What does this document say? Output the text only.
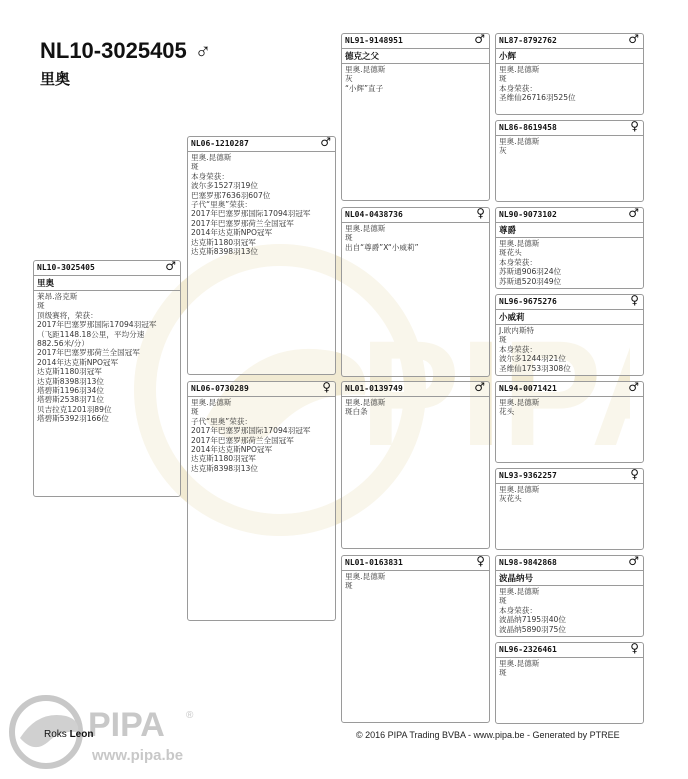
NL10-3025405 ♂
里奥
NL10-3025405	♂
里奥
莱昂.洛克斯
斑
顶级赛将，荣获：
2017年巴塞罗那国际17094羽冠军
（飞距1148.18公里，平均分速
882.56米/分）
2017年巴塞罗那荷兰全国冠军
2014年达克斯NPO冠军
达克斯1180羽冠军
达克斯8398羽13位
塔碧斯1196羽34位
塔碧斯2538羽71位
贝吉拉克1201羽89位
塔碧斯5392羽166位
NL06-1210287	♂
里奥.昆德斯
斑
本身荣获：
波尔多1527羽19位
巴塞罗那7636羽607位
子代“里奥”荣获：
2017年巴塞罗那国际17094羽冠军
2017年巴塞罗那荷兰全国冠军
2014年达克斯NPO冠军
达克斯1180羽冠军
达克斯8398羽13位
NL06-0730289	♀
里奥.昆德斯
斑
子代“里奥”荣获：
2017年巴塞罗那国际17094羽冠军
2017年巴塞罗那荷兰全国冠军
2014年达克斯NPO冠军
达克斯1180羽冠军
达克斯8398羽13位
NL91-9148951	♂
德克之父
里奥.昆德斯
灰
“小辉”直子
NL04-0438736	♀
里奥.昆德斯
斑
出自“尊爵”X“小威莉”
NL01-0139749	♂
里奥.昆德斯
斑白条
NL01-0163831	♀
里奥.昆德斯
斑
NL87-8792762	♂
小辉
里奥.昆德斯
斑
本身荣获：
圣维仙26716羽525位
NL86-8619458	♀
里奥.昆德斯
灰
NL90-9073102	♂
尊爵
里奥.昆德斯
斑花头
本身荣获：
苏斯通906羽24位
苏斯通520羽49位
NL96-9675276	♀
小威莉
J.欧内斯特
斑
本身荣获：
波尔多1244羽21位
圣维仙1753羽308位
NL94-0071421	♂
里奥.昆德斯
花头
NL93-9362257	♀
里奥.昆德斯
灰花头
NL98-9842868	♂
波晶纳号
里奥.昆德斯
斑
本身荣获：
波晶纳7195羽40位
波晶纳5890羽75位
NL96-2326461	♀
里奥.昆德斯
斑
PIPA ®
www.pipa.be
Roks Leon	© 2016 PIPA Trading BVBA - www.pipa.be - Generated by PTREE
